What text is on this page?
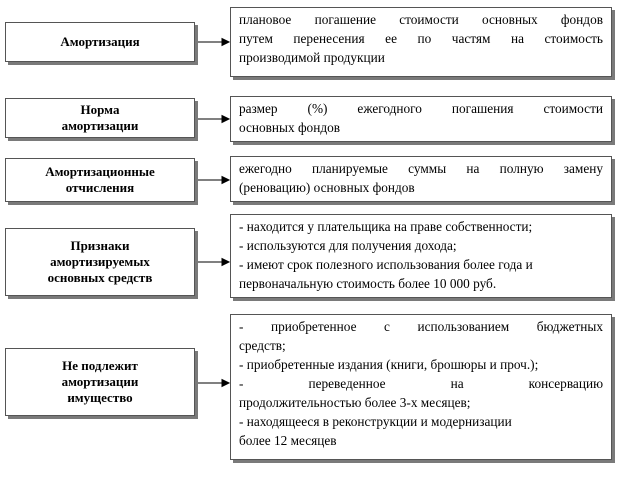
Амортизация
плановое погашение стоимости основных фондов
путем перенесения ее по частям на стоимость
производимой продукции
Норма
амортизации
размер (%) ежегодного погашения стоимости
основных фондов
Амортизационные
отчисления
ежегодно планируемые суммы на полную замену
(реновацию) основных фондов
Признаки
амортизируемых
основных средств
- находится у плательщика на праве собственности;
- используются для получения дохода;
- имеют срок полезного использования более года и
первоначальную стоимость более 10 000 руб.
Не подлежит
амортизации
имущество
- приобретенное с использованием бюджетных
средств;
- приобретенные издания (книги, брошюры и проч.);
- переведенное на консервацию
продолжительностью более 3-х месяцев;
- находящееся в реконструкции и модернизации
более 12 месяцев
